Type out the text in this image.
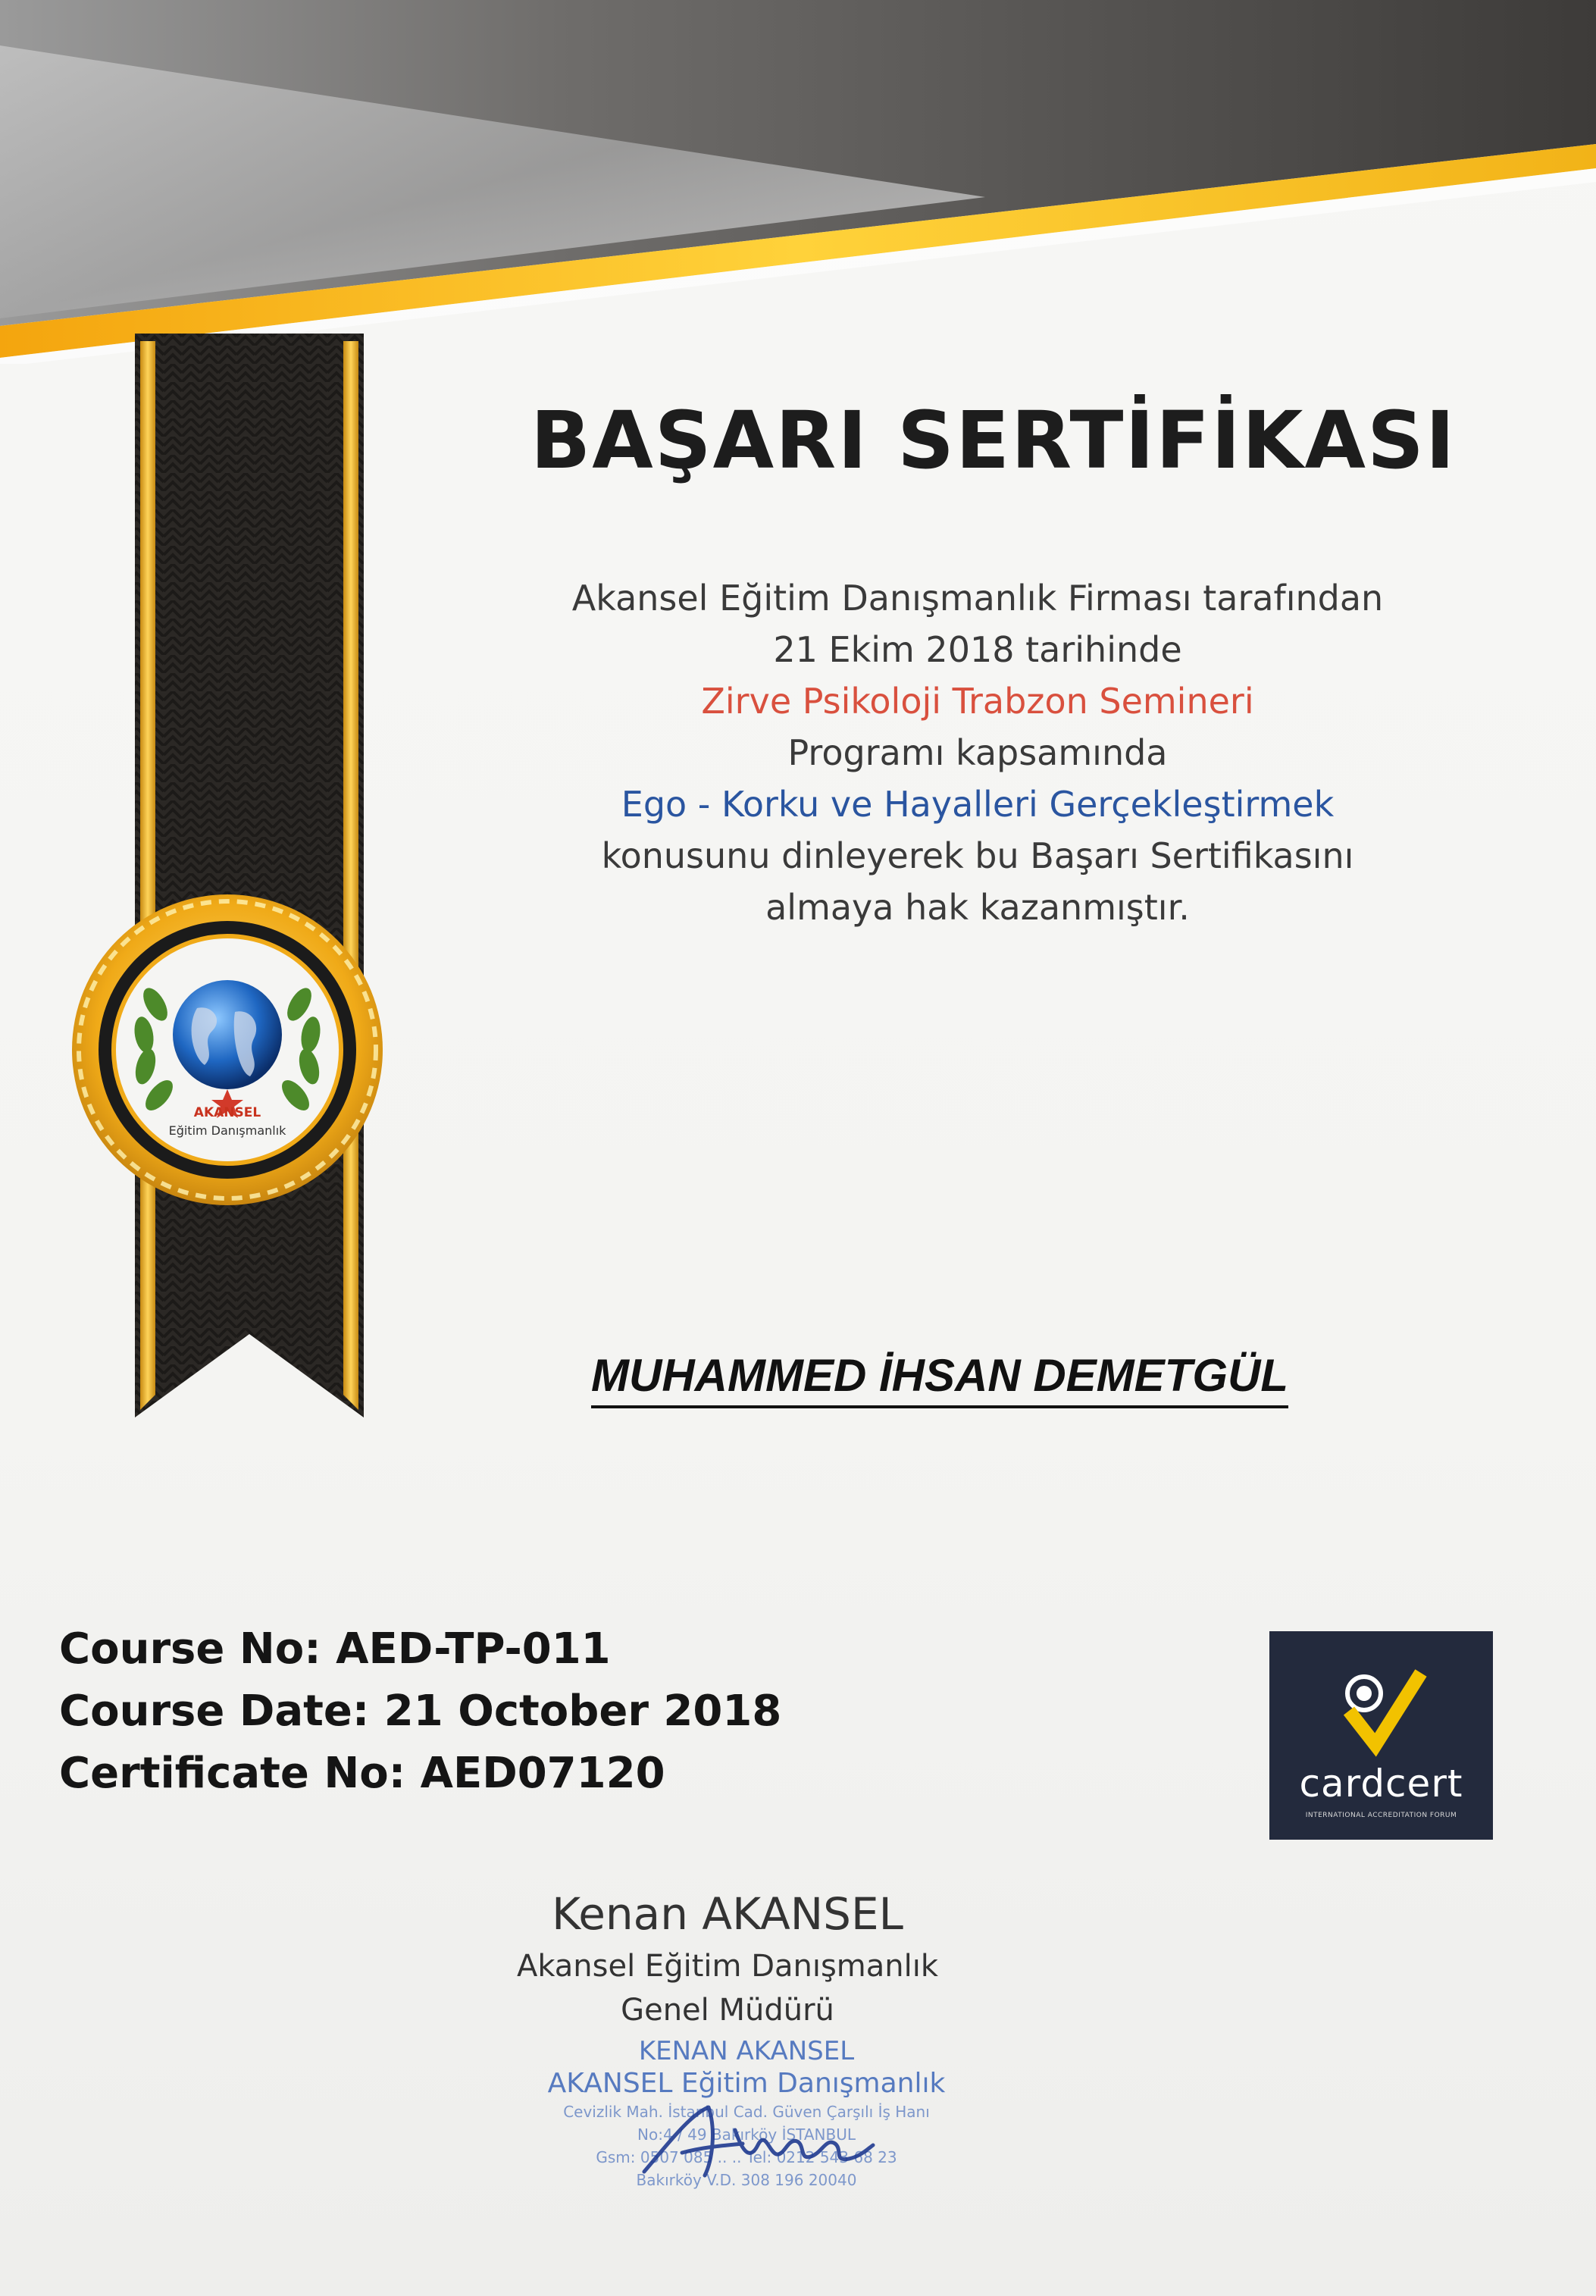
AKANSEL
Eğitim Danışmanlık
BAŞARI SERTİFİKASI
Akansel Eğitim Danışmanlık Firması tarafından
21 Ekim 2018 tarihinde
Zirve Psikoloji Trabzon Semineri
Programı kapsamında
Ego - Korku ve Hayalleri Gerçekleştirmek
konusunu dinleyerek bu Başarı Sertifikasını
almaya hak kazanmıştır.
MUHAMMED İHSAN DEMETGÜL
Course No: AED-TP-011
Course Date: 21 October 2018
Certificate No: AED07120	cardcert
INTERNATIONAL ACCREDITATION FORUM
Kenan AKANSEL
Akansel Eğitim Danışmanlık
Genel Müdürü
KENAN AKANSEL
AKANSEL Eğitim Danışmanlık
Cevizlik Mah. İstanbul Cad. Güven Çarşılı İş Hanı
No:4 / 49 Bakırköy İSTANBUL
Gsm: 0507 085 .. .. Tel: 0212 543 68 23
Bakırköy V.D. 308 196 20040
